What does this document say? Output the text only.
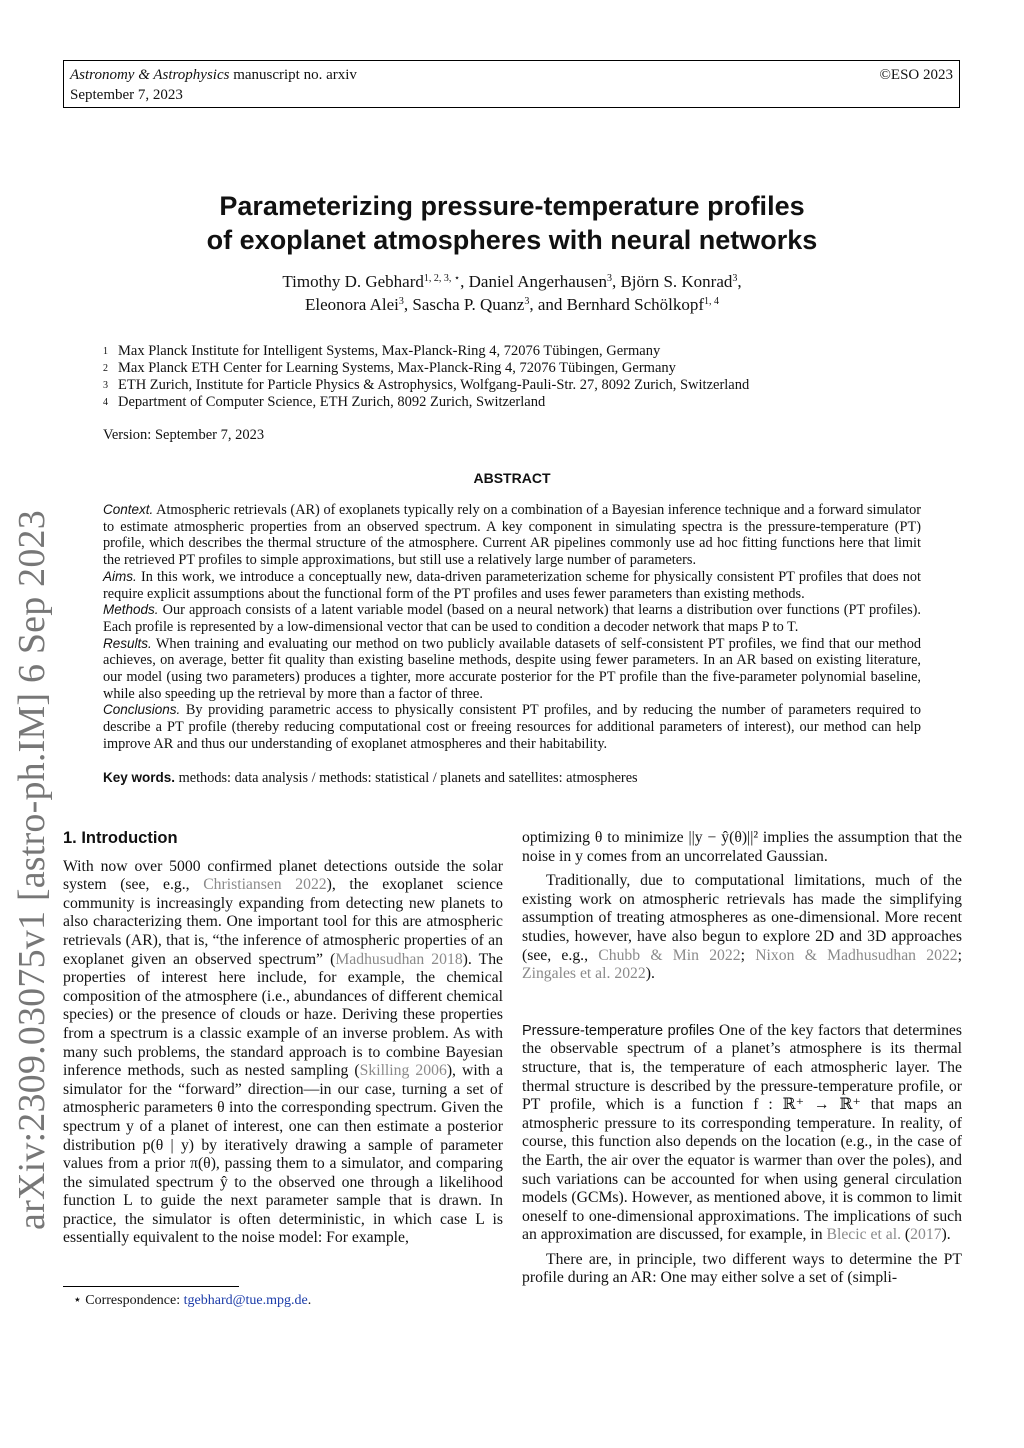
Astronomy & Astrophysics manuscript no. arxiv
September 7, 2023
©ESO 2023
arXiv:2309.03075v1 [astro-ph.IM] 6 Sep 2023
Parameterizing pressure-temperature profiles
of exoplanet atmospheres with neural networks
Timothy D. Gebhard$^{1, 2, 3, ⋆}$, Daniel Angerhausen$^3$, Björn S. Konrad$^3$,
Eleonora Alei$^3$, Sascha P. Quanz$^3$, and Bernhard Schölkopf$^{1, 4}$
1 Max Planck Institute for Intelligent Systems, Max-Planck-Ring 4, 72076 Tübingen, Germany
2 Max Planck ETH Center for Learning Systems, Max-Planck-Ring 4, 72076 Tübingen, Germany
3 ETH Zurich, Institute for Particle Physics & Astrophysics, Wolfgang-Pauli-Str. 27, 8092 Zurich, Switzerland
4 Department of Computer Science, ETH Zurich, 8092 Zurich, Switzerland
Version: September 7, 2023
ABSTRACT

Context. Atmospheric retrievals (AR) of exoplanets typically rely on a combination of a Bayesian inference technique and a forward simulator to estimate atmospheric properties from an observed spectrum. A key component in simulating spectra is the pressure-temperature (PT) profile, which describes the thermal structure of the atmosphere. Current AR pipelines commonly use ad hoc fitting functions here that limit the retrieved PT profiles to simple approximations, but still use a relatively large number of parameters.

Aims. In this work, we introduce a conceptually new, data-driven parameterization scheme for physically consistent PT profiles that does not require explicit assumptions about the functional form of the PT profiles and uses fewer parameters than existing methods.

Methods. Our approach consists of a latent variable model (based on a neural network) that learns a distribution over functions (PT profiles). Each profile is represented by a low-dimensional vector that can be used to condition a decoder network that maps P to T.

Results. When training and evaluating our method on two publicly available datasets of self-consistent PT profiles, we find that our method achieves, on average, better fit quality than existing baseline methods, despite using fewer parameters. In an AR based on existing literature, our model (using two parameters) produces a tighter, more accurate posterior for the PT profile than the five-parameter polynomial baseline, while also speeding up the retrieval by more than a factor of three.

Conclusions. By providing parametric access to physically consistent PT profiles, and by reducing the number of parameters required to describe a PT profile (thereby reducing computational cost or freeing resources for additional parameters of interest), our method can help improve AR and thus our understanding of exoplanet atmospheres and their habitability.

Key words. methods: data analysis / methods: statistical / planets and satellites: atmospheres
1. Introduction

With now over 5000 confirmed planet detections outside the solar system (see, e.g., Christiansen 2022), the exoplanet science community is increasingly expanding from detecting new planets to also characterizing them. One important tool for this are atmospheric retrievals (AR), that is, “the inference of atmospheric properties of an exoplanet given an observed spectrum” (Madhusudhan 2018). The properties of interest here include, for example, the chemical composition of the atmosphere (i.e., abundances of different chemical species) or the presence of clouds or haze. Deriving these properties from a spectrum is a classic example of an inverse problem. As with many such problems, the standard approach is to combine Bayesian inference methods, such as nested sampling (Skilling 2006), with a simulator for the “forward” direction—in our case, turning a set of atmospheric parameters θ into the corresponding spectrum. Given the spectrum y of a planet of interest, one can then estimate a posterior distribution p(θ | y) by iteratively drawing a sample of parameter values from a prior π(θ), passing them to a simulator, and comparing the simulated spectrum ŷ to the observed one through a likelihood function L to guide the next parameter sample that is drawn. In practice, the simulator is often deterministic, in which case L is essentially equivalent to the noise model: For example,

optimizing θ to minimize ||y − ŷ(θ)||² implies the assumption that the noise in y comes from an uncorrelated Gaussian.

Traditionally, due to computational limitations, much of the existing work on atmospheric retrievals has made the simplifying assumption of treating atmospheres as one-dimensional. More recent studies, however, have also begun to explore 2D and 3D approaches (see, e.g., Chubb & Min 2022; Nixon & Madhusudhan 2022; Zingales et al. 2022).

Pressure-temperature profiles One of the key factors that determines the observable spectrum of a planet’s atmosphere is its thermal structure, that is, the temperature of each atmospheric layer. The thermal structure is described by the pressure-temperature profile, or PT profile, which is a function f : ℝ⁺ → ℝ⁺ that maps an atmospheric pressure to its corresponding temperature. In reality, of course, this function also depends on the location (e.g., in the case of the Earth, the air over the equator is warmer than over the poles), and such variations can be accounted for when using general circulation models (GCMs). However, as mentioned above, it is common to limit oneself to one-dimensional approximations. The implications of such an approximation are discussed, for example, in Blecic et al. (2017).

There are, in principle, two different ways to determine the PT profile during an AR: One may either solve a set of (simpli-

⋆ Correspondence: tgebhard@tue.mpg.de.
